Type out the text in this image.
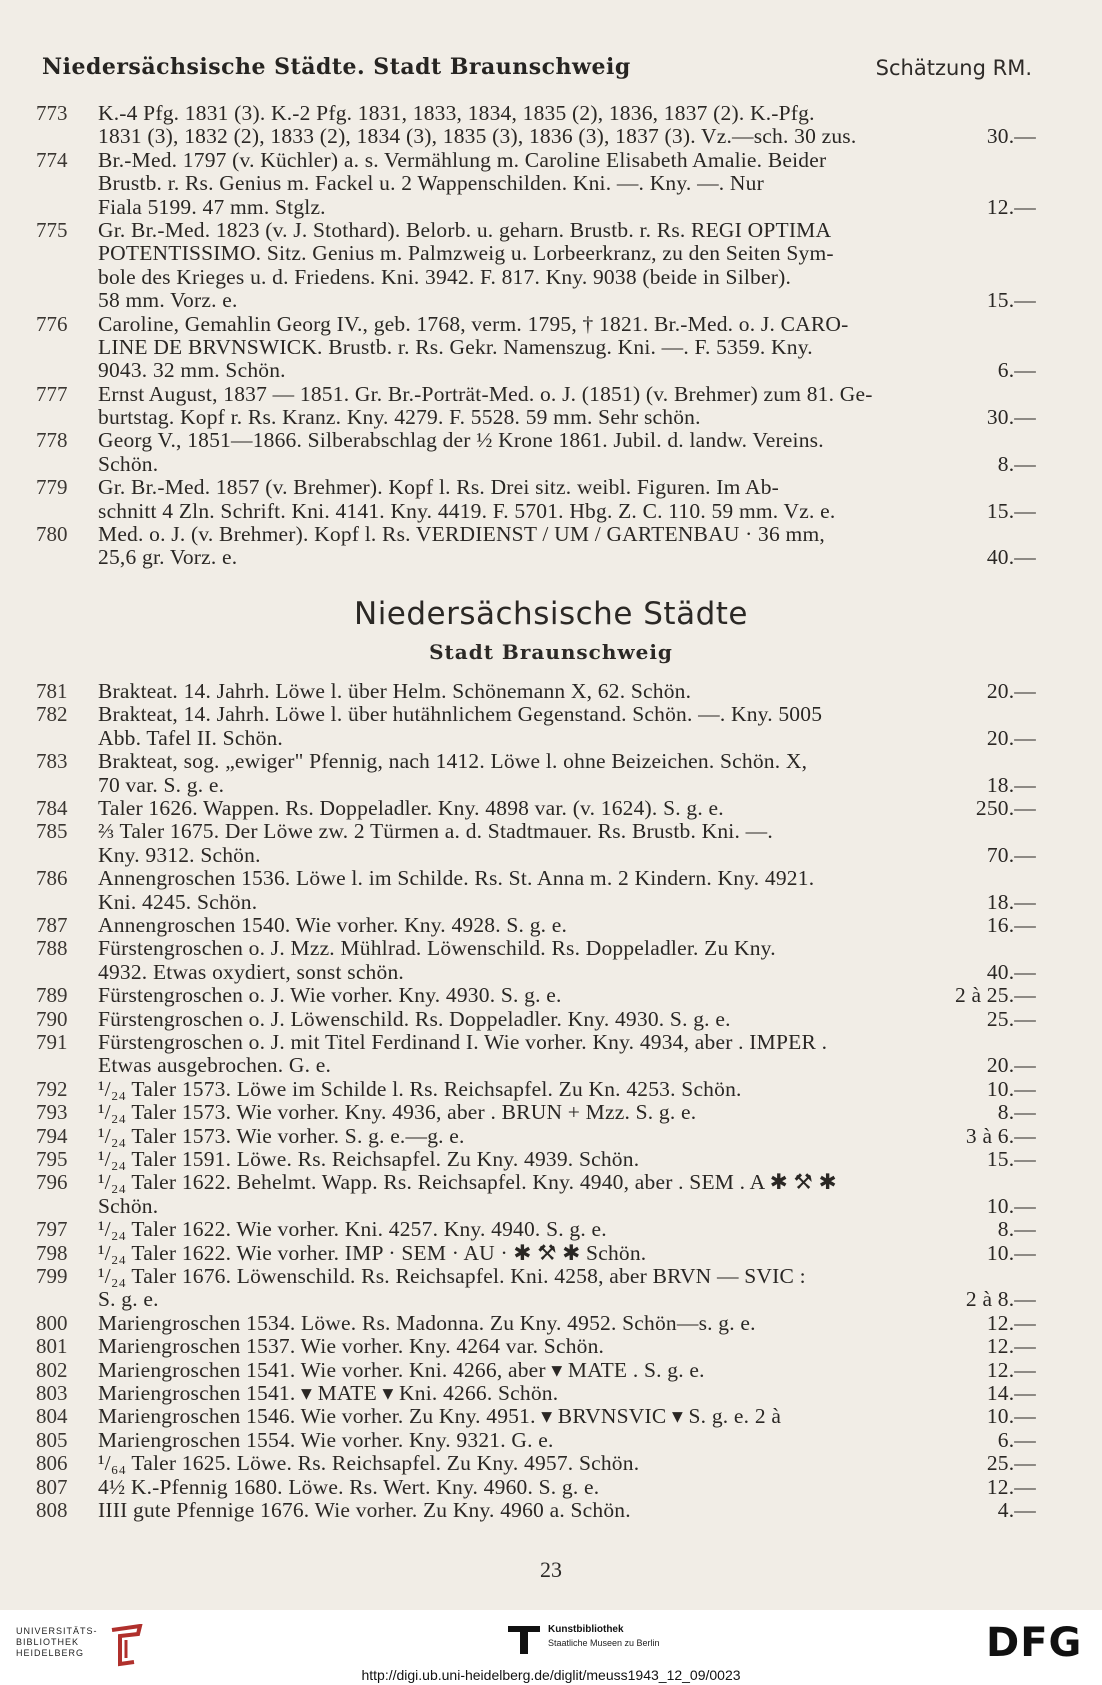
Niedersächsische Städte. Stadt Braunschweig	Schätzung RM.
773	K.-4 Pfg. 1831 (3). K.-2 Pfg. 1831, 1833, 1834, 1835 (2), 1836, 1837 (2). K.-Pfg.
1831 (3), 1832 (2), 1833 (2), 1834 (3), 1835 (3), 1836 (3), 1837 (3). Vz.—sch. 30 zus.	30.—
774	Br.-Med. 1797 (v. Küchler) a. s. Vermählung m. Caroline Elisabeth Amalie. Beider
Brustb. r. Rs. Genius m. Fackel u. 2 Wappenschilden. Kni. —. Kny. —. Nur
Fiala 5199. 47 mm. Stglz.	12.—
775	Gr. Br.-Med. 1823 (v. J. Stothard). Belorb. u. geharn. Brustb. r. Rs. REGI OPTIMA
POTENTISSIMO. Sitz. Genius m. Palmzweig u. Lorbeerkranz, zu den Seiten Sym-
bole des Krieges u. d. Friedens. Kni. 3942. F. 817. Kny. 9038 (beide in Silber).
58 mm. Vorz. e.	15.—
776	Caroline, Gemahlin Georg IV., geb. 1768, verm. 1795, † 1821. Br.-Med. o. J. CARO-
LINE DE BRVNSWICK. Brustb. r. Rs. Gekr. Namenszug. Kni. —. F. 5359. Kny.
9043. 32 mm. Schön.	6.—
777	Ernst August, 1837 — 1851. Gr. Br.-Porträt-Med. o. J. (1851) (v. Brehmer) zum 81. Ge-
burtstag. Kopf r. Rs. Kranz. Kny. 4279. F. 5528. 59 mm. Sehr schön.	30.—
778	Georg V., 1851—1866. Silberabschlag der ½ Krone 1861. Jubil. d. landw. Vereins.
Schön.	8.—
779	Gr. Br.-Med. 1857 (v. Brehmer). Kopf l. Rs. Drei sitz. weibl. Figuren. Im Ab-
schnitt 4 Zln. Schrift. Kni. 4141. Kny. 4419. F. 5701. Hbg. Z. C. 110. 59 mm. Vz. e.	15.—
780	Med. o. J. (v. Brehmer). Kopf l. Rs. VERDIENST / UM / GARTENBAU · 36 mm,
25,6 gr. Vorz. e.	40.—
Niedersächsische Städte
Stadt Braunschweig
781	Brakteat. 14. Jahrh. Löwe l. über Helm. Schönemann X, 62. Schön.	20.—
782	Brakteat, 14. Jahrh. Löwe l. über hutähnlichem Gegenstand. Schön. —. Kny. 5005
Abb. Tafel II. Schön.	20.—
783	Brakteat, sog. „ewiger" Pfennig, nach 1412. Löwe l. ohne Beizeichen. Schön. X,
70 var. S. g. e.	18.—
784	Taler 1626. Wappen. Rs. Doppeladler. Kny. 4898 var. (v. 1624). S. g. e.	250.—
785	⅔ Taler 1675. Der Löwe zw. 2 Türmen a. d. Stadtmauer. Rs. Brustb. Kni. —.
Kny. 9312. Schön.	70.—
786	Annengroschen 1536. Löwe l. im Schilde. Rs. St. Anna m. 2 Kindern. Kny. 4921.
Kni. 4245. Schön.	18.—
787	Annengroschen 1540. Wie vorher. Kny. 4928. S. g. e.	16.—
788	Fürstengroschen o. J. Mzz. Mühlrad. Löwenschild. Rs. Doppeladler. Zu Kny.
4932. Etwas oxydiert, sonst schön.	40.—
789	Fürstengroschen o. J. Wie vorher. Kny. 4930. S. g. e.	2 à 25.—
790	Fürstengroschen o. J. Löwenschild. Rs. Doppeladler. Kny. 4930. S. g. e.	25.—
791	Fürstengroschen o. J. mit Titel Ferdinand I. Wie vorher. Kny. 4934, aber . IMPER .
Etwas ausgebrochen. G. e.	20.—
792	¹/₂₄ Taler 1573. Löwe im Schilde l. Rs. Reichsapfel. Zu Kn. 4253. Schön.	10.—
793	¹/₂₄ Taler 1573. Wie vorher. Kny. 4936, aber . BRUN + Mzz. S. g. e.	8.—
794	¹/₂₄ Taler 1573. Wie vorher. S. g. e.—g. e.	3 à 6.—
795	¹/₂₄ Taler 1591. Löwe. Rs. Reichsapfel. Zu Kny. 4939. Schön.	15.—
796	¹/₂₄ Taler 1622. Behelmt. Wapp. Rs. Reichsapfel. Kny. 4940, aber . SEM . A ✱ ⚒ ✱
Schön.	10.—
797	¹/₂₄ Taler 1622. Wie vorher. Kni. 4257. Kny. 4940. S. g. e.	8.—
798	¹/₂₄ Taler 1622. Wie vorher. IMP · SEM · AU · ✱ ⚒ ✱ Schön.	10.—
799	¹/₂₄ Taler 1676. Löwenschild. Rs. Reichsapfel. Kni. 4258, aber BRVN — SVIC :
S. g. e.	2 à 8.—
800	Mariengroschen 1534. Löwe. Rs. Madonna. Zu Kny. 4952. Schön—s. g. e.	12.—
801	Mariengroschen 1537. Wie vorher. Kny. 4264 var. Schön.	12.—
802	Mariengroschen 1541. Wie vorher. Kni. 4266, aber ▾ MATE . S. g. e.	12.—
803	Mariengroschen 1541. ▾ MATE ▾ Kni. 4266. Schön.	14.—
804	Mariengroschen 1546. Wie vorher. Zu Kny. 4951. ▾ BRVNSVIC ▾ S. g. e. 2 à	10.—
805	Mariengroschen 1554. Wie vorher. Kny. 9321. G. e.	6.—
806	¹/₆₄ Taler 1625. Löwe. Rs. Reichsapfel. Zu Kny. 4957. Schön.	25.—
807	4½ K.-Pfennig 1680. Löwe. Rs. Wert. Kny. 4960. S. g. e.	12.—
808	IIII gute Pfennige 1676. Wie vorher. Zu Kny. 4960 a. Schön.	4.—
23
UNIVERSITÄTS-
BIBLIOTHEK
HEIDELBERG
Kunstbibliothek
Staatliche Museen zu Berlin	DFG
http://digi.ub.uni-heidelberg.de/diglit/meuss1943_12_09/0023
